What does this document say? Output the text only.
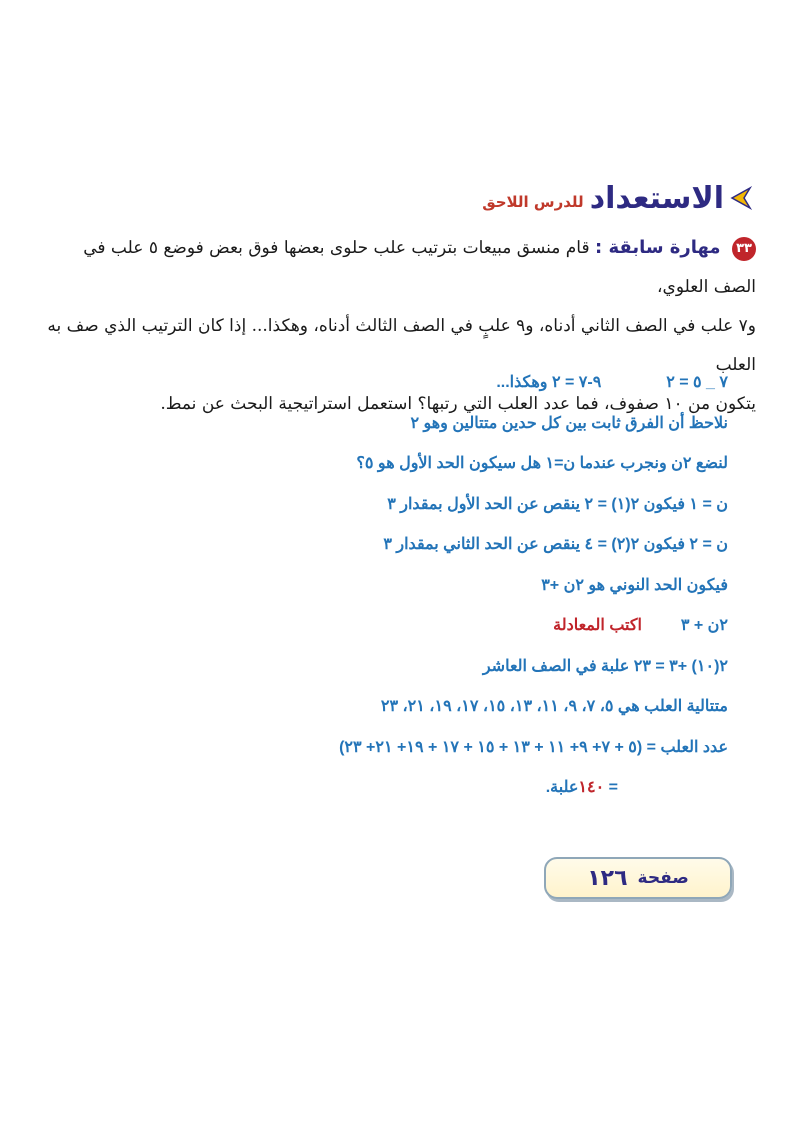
الاستعداد
للدرس اللاحق

٣٣ مهارة سابقة : قام منسق مبيعات بترتيب علب حلوى بعضها فوق بعض فوضع ٥ علب في الصف العلوي،

و٧ علب في الصف الثاني أدناه، و٩ علبٍ في الصف الثالث أدناه، وهكذا... إذا كان الترتيب الذي صف به العلب

يتكون من ١٠ صفوف، فما عدد العلب التي رتبها؟ استعمل استراتيجية البحث عن نمط.

٧ _ ٥ = ٢  ٩-٧ = ٢ وهكذا...
نلاحظ أن الفرق ثابت بين كل حدين متتالين وهو ٢
لنضع ٢ن ونجرب عندما ن=١ هل سيكون الحد الأول هو ٥؟
ن = ١ فيكون ٢(١) = ٢ ينقص عن الحد الأول بمقدار ٣
ن = ٢ فيكون ٢(٢) = ٤ ينقص عن الحد الثاني بمقدار ٣
فيكون الحد النوني هو ٢ن +٣
٢ن + ٣  اكتب المعادلة
٢(١٠) +٣ = ٢٣ علبة في الصف العاشر
متتالية العلب هي ٥، ٧، ٩، ١١، ١٣، ١٥، ١٧، ١٩، ٢١، ٢٣
عدد العلب = (٥ + ٧+ ٩+ ١١ + ١٣ + ١٥ + ١٧ + ١٩+ ٢١+ ٢٣)
= ١٤٠علبة.
صفحة
١٢٦
